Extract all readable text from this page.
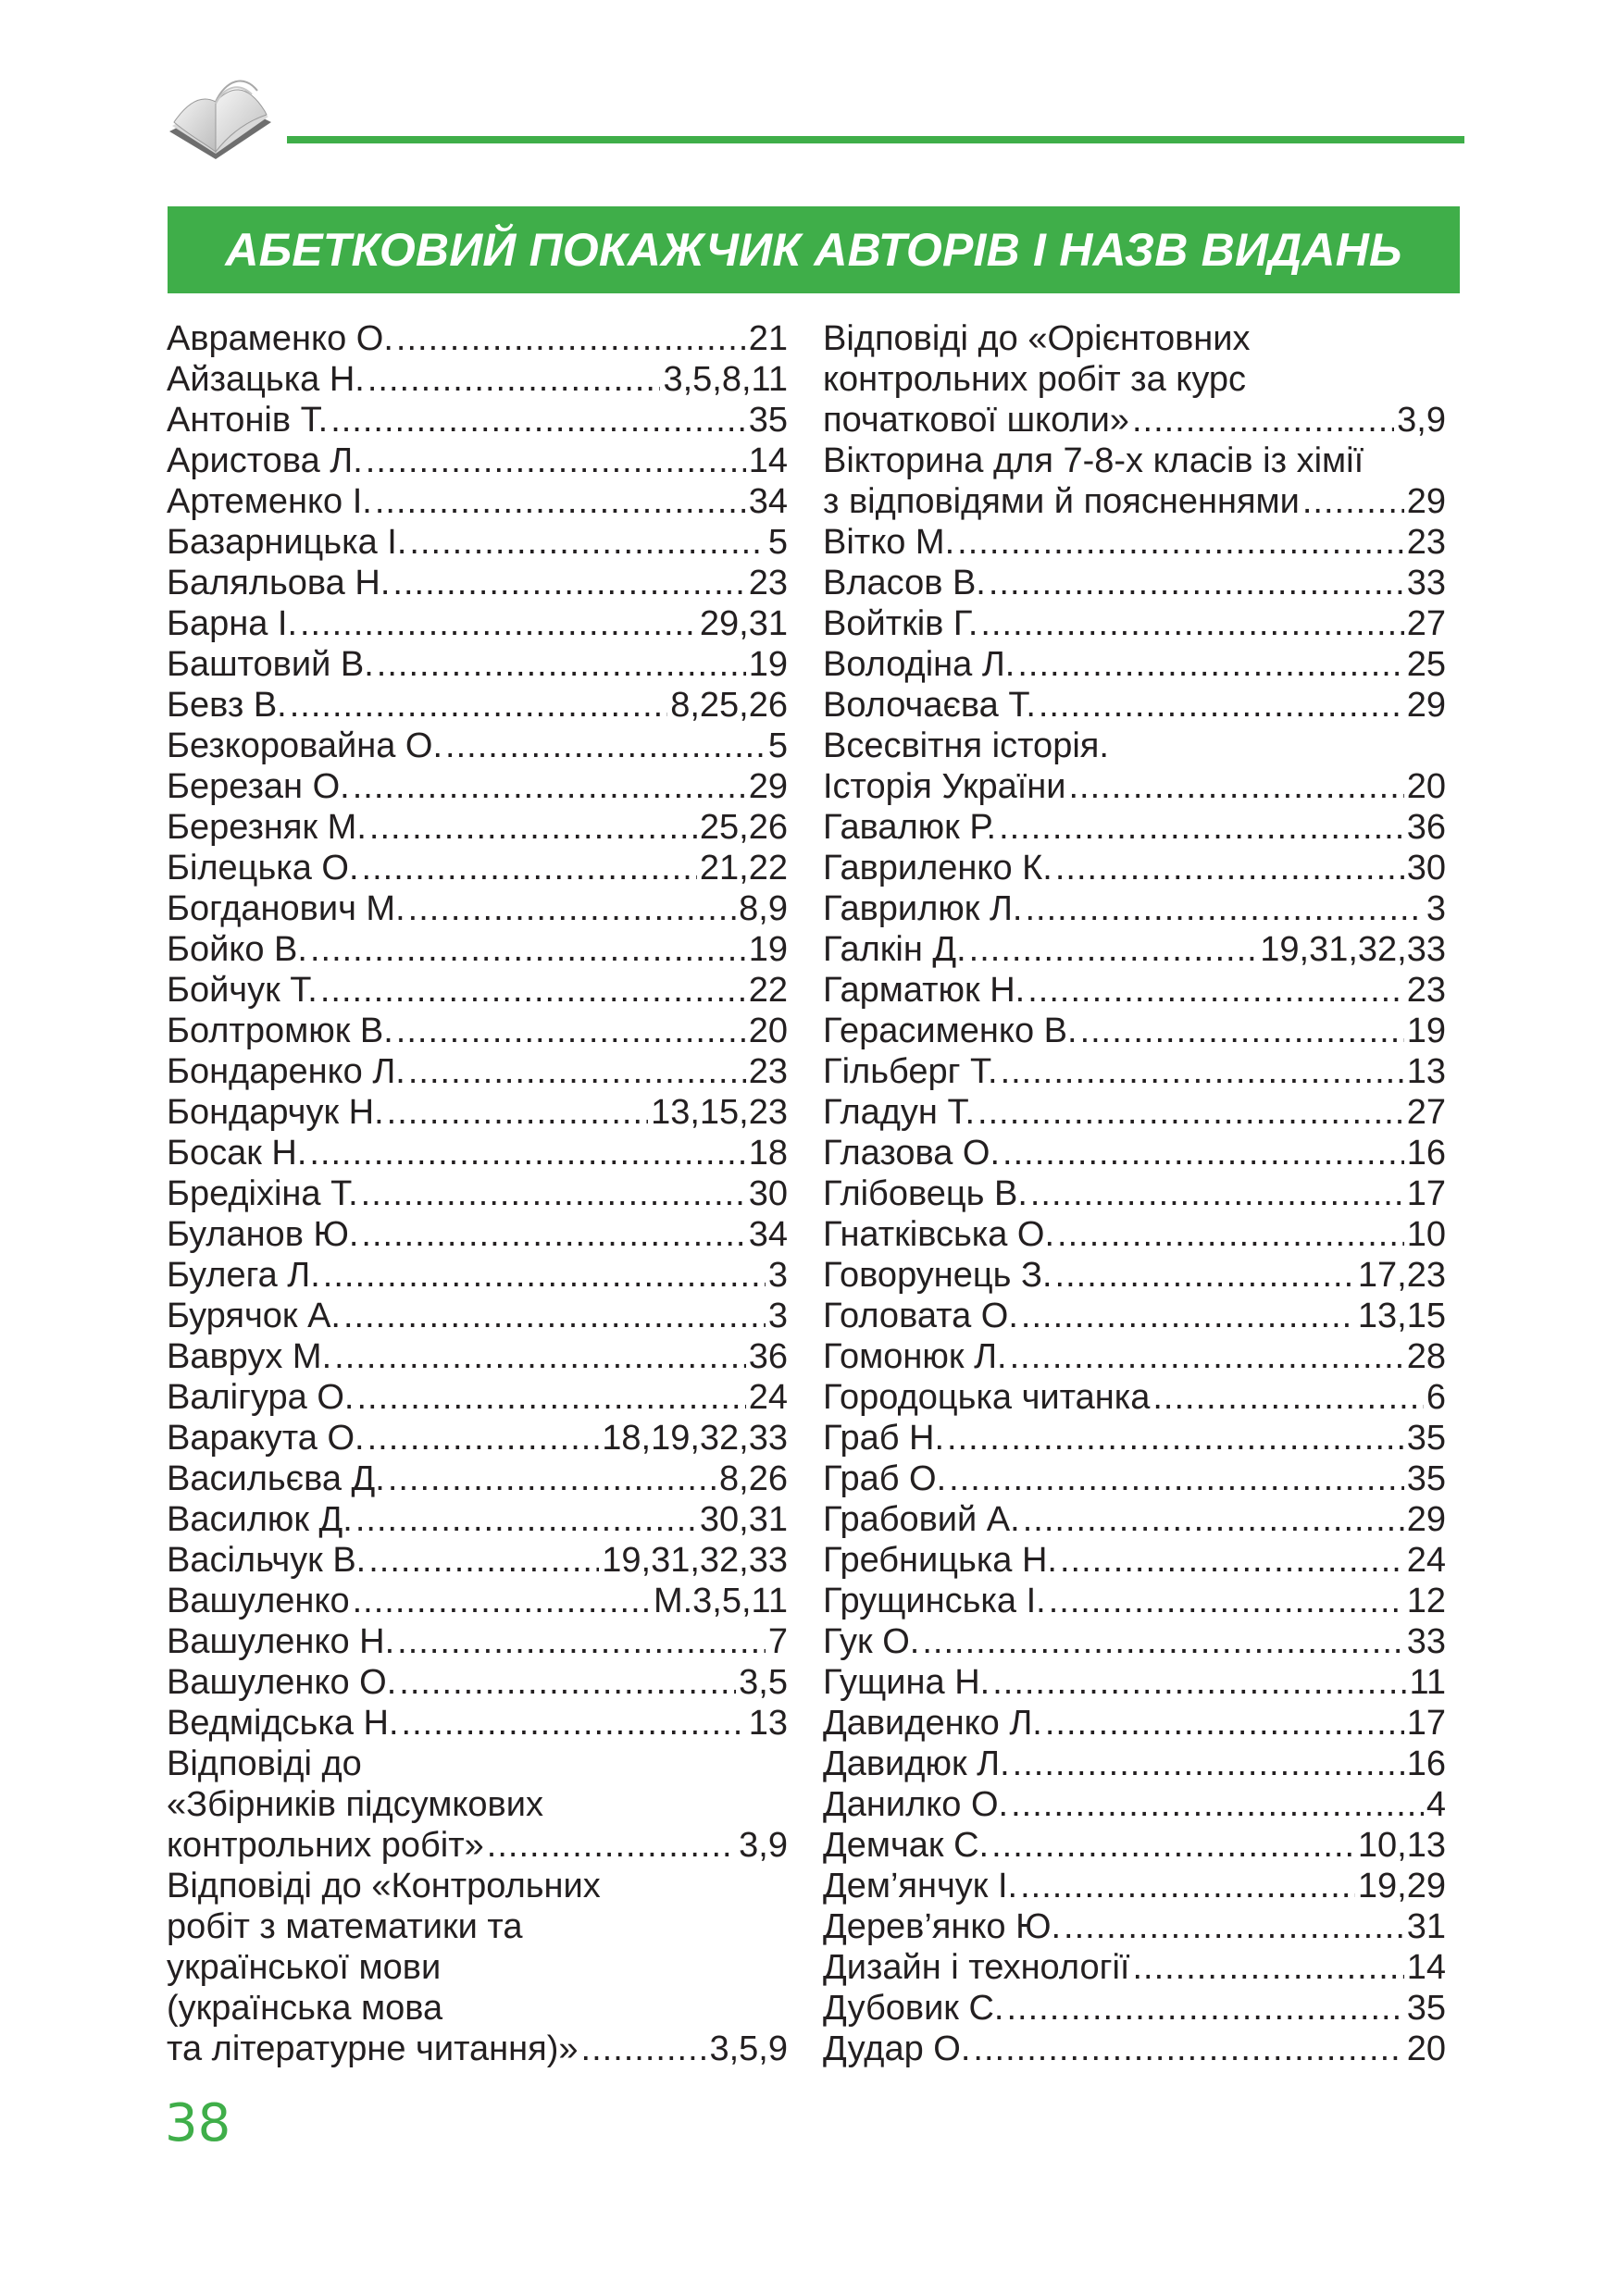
АБЕТКОВИЙ ПОКАЖЧИК АВТОРІВ І НАЗВ ВИДАНЬ
Авраменко О. .....	21
Айзацька Н. .....	3,5,8,11
Антонів Т. .....	35
Аристова Л. .....	14
Артеменко І. .....	34
Базарницька І. .....	5
Баляльова Н. .....	23
Барна І. .....	29,31
Баштовий В. .....	19
Бевз В. .....	8,25,26
Безкоровайна О. .....	5
Березан О. .....	29
Березняк М. .....	25,26
Білецька О. .....	21,22
Богданович М. .....	8,9
Бойко В. .....	19
Бойчук Т. .....	22
Болтромюк В. .....	20
Бондаренко Л. .....	23
Бондарчук Н. .....	13,15,23
Босак Н. .....	18
Бредіхіна Т. .....	30
Буланов Ю. .....	34
Булега Л. .....	3
Бурячок А. .....	3
Ваврух М. .....	36
Валігура О. .....	24
Варакута О. .....	18,19,32,33
Васильєва Д. .....	8,26
Василюк Д. .....	30,31
Васільчук В. .....	19,31,32,33
Вашуленко .....	М.3,5,11
Вашуленко Н. .....	7
Вашуленко О. .....	3,5
Ведмідська Н. .....	13
Відповіді до
«Збірників підсумкових
контрольних робіт» .....	3,9
Відповіді до «Контрольних
робіт з математики та
української мови
(українська мова
та літературне читання)» .....	3,5,9
Відповіді до «Орієнтовних
контрольних робіт за курс
початкової школи» .....	3,9
Вікторина для 7-8-х класів із хімії
з відповідями й поясненнями .....	29
Вітко М. .....	23
Власов В. .....	33
Войтків Г. .....	27
Володіна Л. .....	25
Волочаєва Т. .....	29
Всесвітня історія.
Історія України .....	20
Гавалюк Р. .....	36
Гавриленко К. .....	30
Гаврилюк Л. .....	3
Галкін Д. .....	19,31,32,33
Гарматюк Н. .....	23
Герасименко В. .....	19
Гільберг Т. .....	13
Гладун Т. .....	27
Глазова О. .....	16
Глібовець В. .....	17
Гнатківська О. .....	10
Говорунець З. .....	17,23
Головата О. .....	13,15
Гомонюк Л. .....	28
Городоцька читанка .....	6
Граб Н. .....	35
Граб О. .....	35
Грабовий А. .....	29
Гребницька Н. .....	24
Грущинська І. .....	12
Гук О. .....	33
Гущина Н. .....	11
Давиденко Л. .....	17
Давидюк Л. .....	16
Данилко О. .....	4
Демчак С. .....	10,13
Дем’янчук І. .....	19,29
Дерев’янко Ю. .....	31
Дизайн і технології .....	14
Дубовик С. .....	35
Дудар О. .....	20
38
